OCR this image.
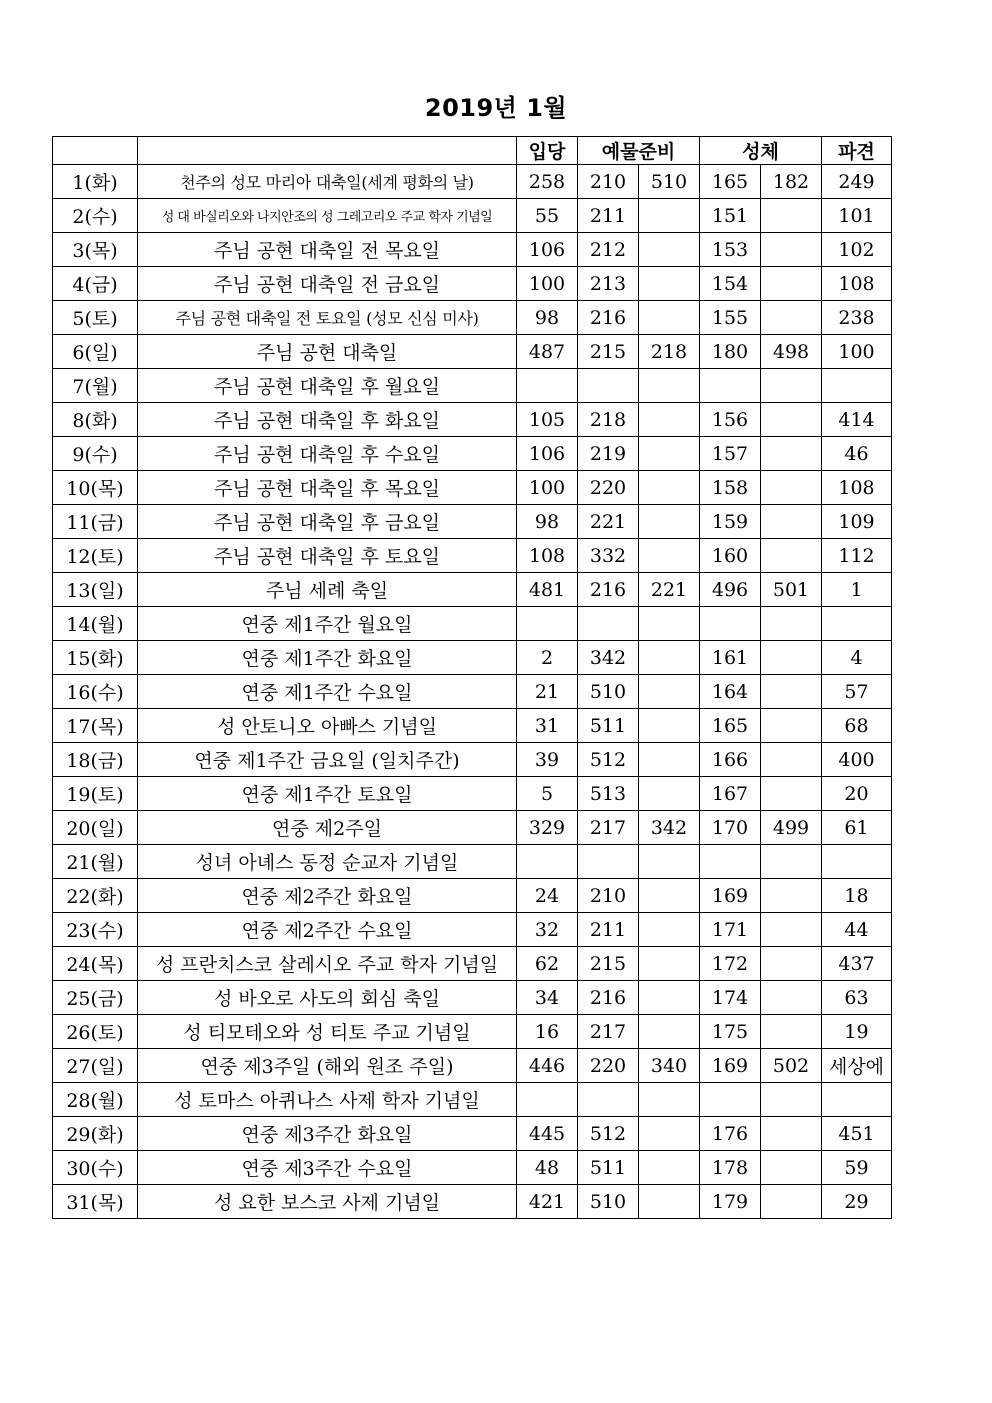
2019년 1월
		입당	예물준비		성체		파견
1(화)	천주의 성모 마리아 대축일(세계 평화의 날)	258	210	510	165	182	249
2(수)	성 대 바실리오와 나지안조의 성 그레고리오 주교 학자 기념일	55	211		151		101
3(목)	주님 공현 대축일 전 목요일	106	212		153		102
4(금)	주님 공현 대축일 전 금요일	100	213		154		108
5(토)	주님 공현 대축일 전 토요일 (성모 신심 미사)	98	216		155		238
6(일)	주님 공현 대축일	487	215	218	180	498	100
7(월)	주님 공현 대축일 후 월요일						
8(화)	주님 공현 대축일 후 화요일	105	218		156		414
9(수)	주님 공현 대축일 후 수요일	106	219		157		46
10(목)	주님 공현 대축일 후 목요일	100	220		158		108
11(금)	주님 공현 대축일 후 금요일	98	221		159		109
12(토)	주님 공현 대축일 후 토요일	108	332		160		112
13(일)	주님 세례 축일	481	216	221	496	501	1
14(월)	연중 제1주간 월요일						
15(화)	연중 제1주간 화요일	2	342		161		4
16(수)	연중 제1주간 수요일	21	510		164		57
17(목)	성 안토니오 아빠스 기념일	31	511		165		68
18(금)	연중 제1주간 금요일 (일치주간)	39	512		166		400
19(토)	연중 제1주간 토요일	5	513		167		20
20(일)	연중 제2주일	329	217	342	170	499	61
21(월)	성녀 아녜스 동정 순교자 기념일						
22(화)	연중 제2주간 화요일	24	210		169		18
23(수)	연중 제2주간 수요일	32	211		171		44
24(목)	성 프란치스코 살레시오 주교 학자 기념일	62	215		172		437
25(금)	성 바오로 사도의 회심 축일	34	216		174		63
26(토)	성 티모테오와 성 티토 주교 기념일	16	217		175		19
27(일)	연중 제3주일 (해외 원조 주일)	446	220	340	169	502	세상에
28(월)	성 토마스 아퀴나스 사제 학자 기념일						
29(화)	연중 제3주간 화요일	445	512		176		451
30(수)	연중 제3주간 수요일	48	511		178		59
31(목)	성 요한 보스코 사제 기념일	421	510		179		29
